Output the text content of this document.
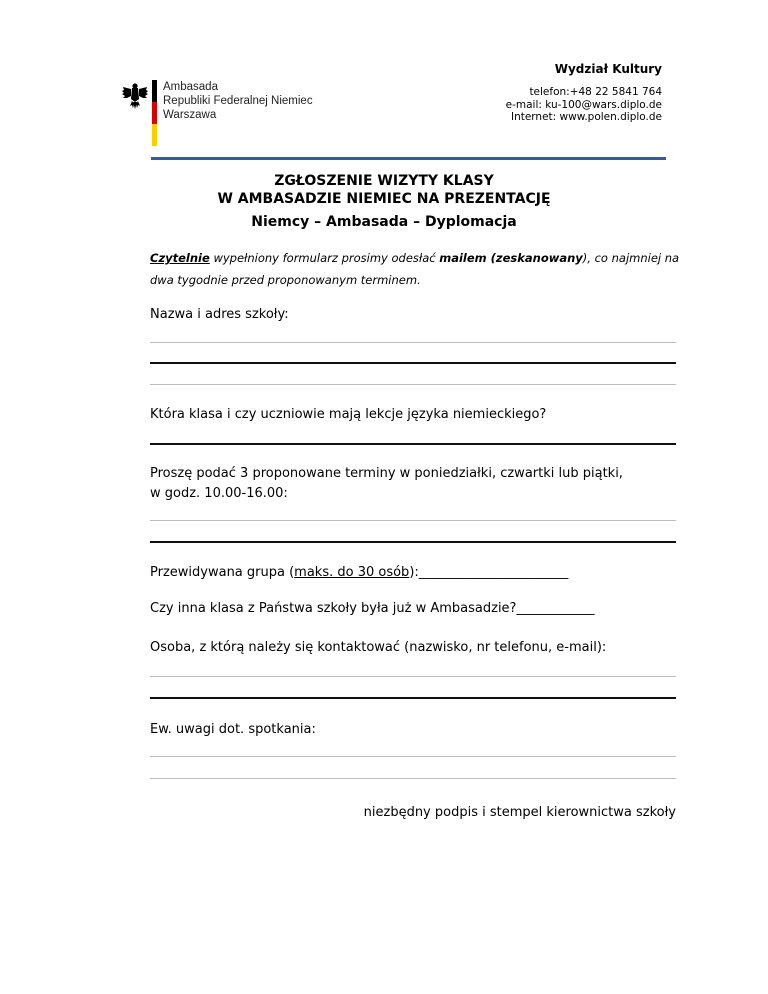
Ambasada
Republiki Federalnej Niemiec
Warszawa
Wydział Kultury
telefon:+48 22 5841 764
e-mail: ku-100@wars.diplo.de
Internet: www.polen.diplo.de
ZGŁOSZENIE WIZYTY KLASY
W AMBASADZIE NIEMIEC NA PREZENTACJĘ
Niemcy – Ambasada – Dyplomacja
Czytelnie wypełniony formularz prosimy odesłać mailem (zeskanowany), co najmniej na dwa tygodnie przed proponowanym terminem.
Nazwa i adres szkoły:
Która klasa i czy uczniowie mają lekcje języka niemieckiego?
Proszę podać 3 proponowane terminy w poniedziałki, czwartki lub piątki,
w godz. 10.00-16.00:
Przewidywana grupa (maks. do 30 osób):_______________________
Czy inna klasa z Państwa szkoły była już w Ambasadzie?____________
Osoba, z którą należy się kontaktować (nazwisko, nr telefonu, e-mail):
Ew. uwagi dot. spotkania:
niezbędny podpis i stempel kierownictwa szkoły
